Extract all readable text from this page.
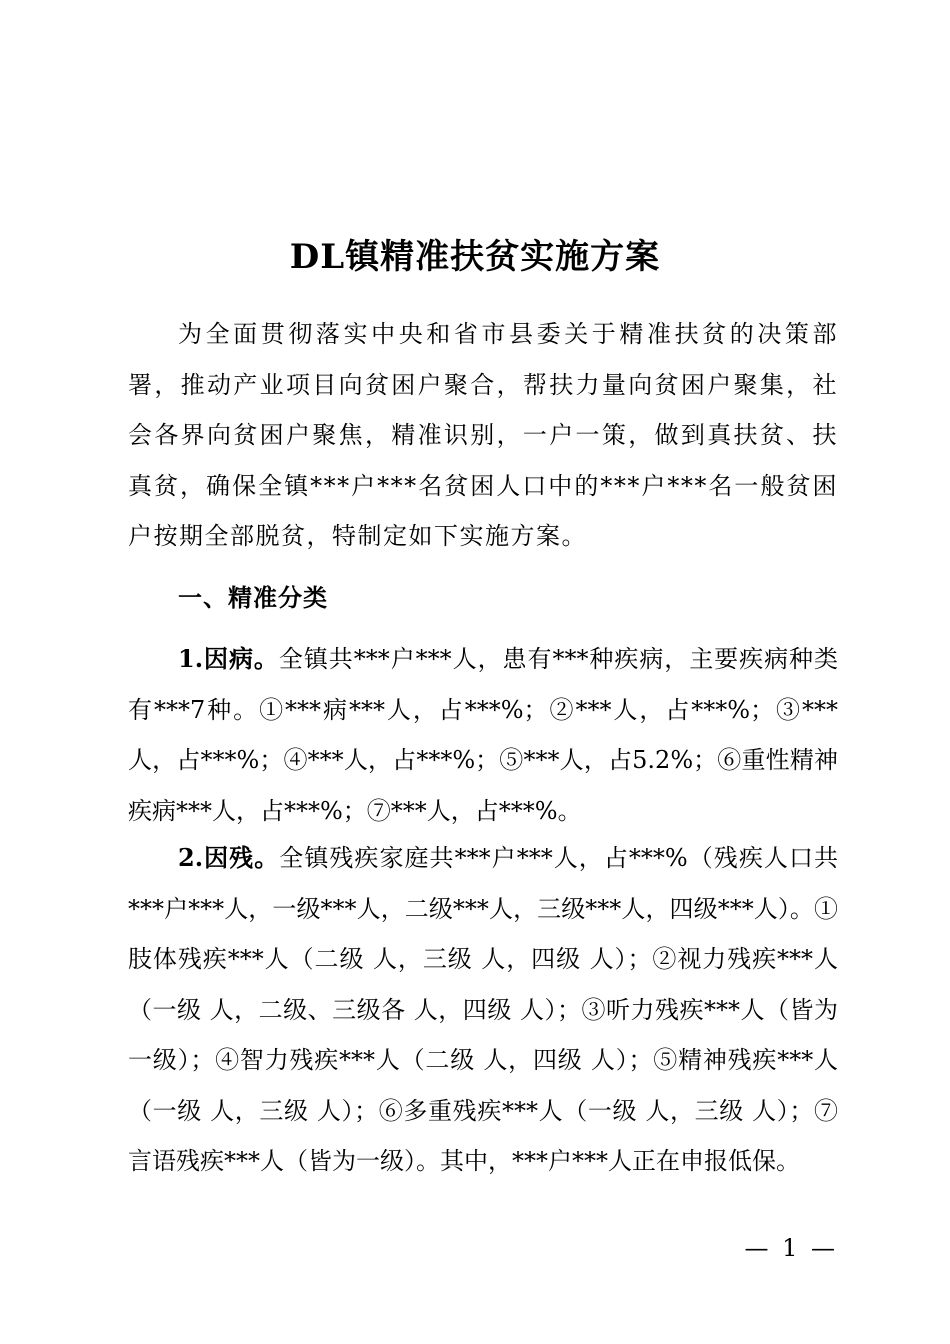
DL镇精准扶贫实施方案

为全面贯彻落实中央和省市县委关于精准扶贫的决策部署，推动产业项目向贫困户聚合，帮扶力量向贫困户聚集，社会各界向贫困户聚焦，精准识别，一户一策，做到真扶贫、扶真贫，确保全镇***户***名贫困人口中的***户***名一般贫困户按期全部脱贫，特制定如下实施方案。

一、精准分类

1.因病。全镇共***户***人，患有***种疾病，主要疾病种类有***7种。①***病***人，占***%；②***人，占***%；③***人，占***%；④***人，占***%；⑤***人，占5.2%；⑥重性精神疾病***人，占***%；⑦***人，占***%。

2.因残。全镇残疾家庭共***户***人，占***%（残疾人口共***户***人，一级***人，二级***人，三级***人，四级***人）。①肢体残疾***人（二级 人，三级 人，四级 人）；②视力残疾***人（一级 人，二级、三级各 人，四级 人）；③听力残疾***人（皆为一级）；④智力残疾***人（二级 人，四级 人）；⑤精神残疾***人（一级 人，三级 人）；⑥多重残疾***人（一级 人，三级 人）；⑦言语残疾***人（皆为一级）。其中，***户***人正在申报低保。

— 1 —
